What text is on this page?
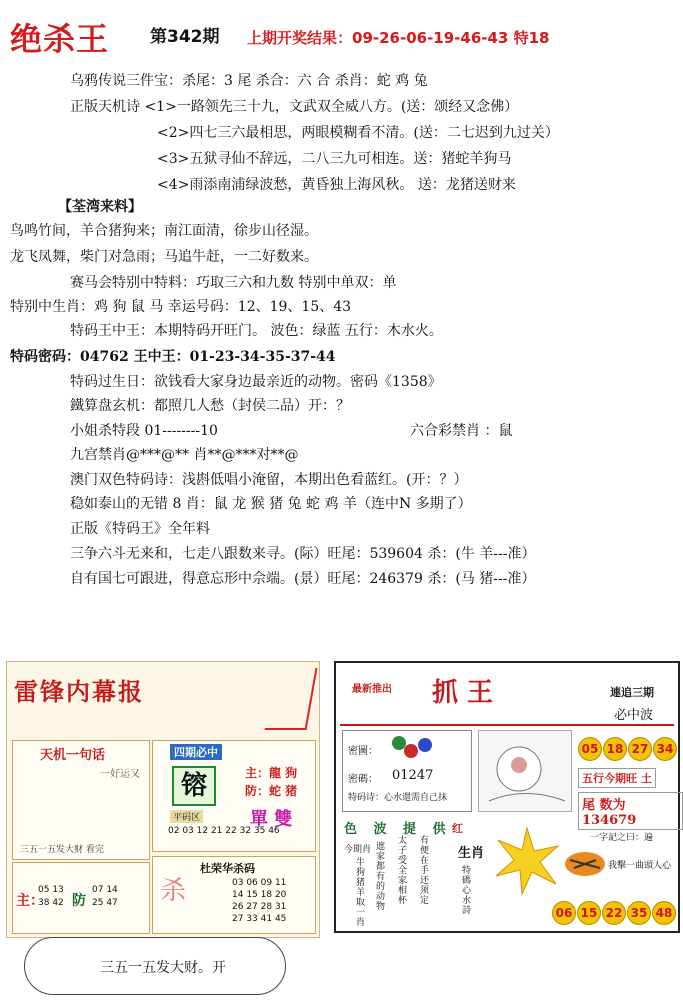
绝杀王 第342期 上期开奖结果：09-26-06-19-46-43 特18
乌鸦传说三件宝：杀尾：3 尾 杀合：六 合 杀肖：蛇 鸡 兔
正版天机诗 <1>一路领先三十九，文武双全威八方。(送：颂经又念佛）
<2>四七三六最相思，两眼模糊看不清。(送：二七迟到九过关）
<3>五狱寻仙不辞远，二八三九可相连。送：猪蛇羊狗马
<4>雨添南浦绿波愁，黄昏独上海风秋。 送：龙猪送财来
【荃湾来料】
鸟鸣竹间，羊合猪狗来；南江面清，徐步山径湿。
龙飞凤舞，柴门对急雨；马追牛赶，一二好数来。
赛马会特别中特料：巧取三六和九数 特别中单双：单
特别中生肖：鸡 狗 鼠 马 幸运号码：12、19、15、43
特码王中王：本期特码开旺门。 波色：绿蓝 五行：木水火。
特码密码：04762 王中王：01-23-34-35-37-44
特码过生日：欲钱看大家身边最亲近的动物。密码《1358》
鐵算盘玄机：都照几人愁（封侯二品）开：？
小姐杀特段 01--------10	六合彩禁肖 ：鼠
九宫禁肖@***@** 肖**@***对**@
澳门双色特码诗：浅斟低唱小淹留，本期出色看蓝红。(开：？）
稳如泰山的无错 8 肖：鼠 龙 猴 猪 兔 蛇 鸡 羊（连中N 多期了）
正版《特码王》全年料
三争六斗无来和，七走八跟数来寻。(际）旺尾：539604 杀：(牛 羊---准）
自有国七可跟进，得意忘形中佘端。(景）旺尾：246379 杀：(马 猪---准）
雷锋内幕报
天机一句话
一好运又
三五一五发大财 看完
四期必中
镕	主：龍 狗
防：蛇 猪
平码区
02 03 12 21 22 32 35 46
單 雙
主：
05 13 38 42 防
07 14 25 47
杜荣华杀码
杀	03 06 09 11
14 15 18 20
26 27 28 31
27 33 41 45
最新推出 抓 王	連追三期
必中波
密圖：
密碼： 01247
特码诗：心水還需自己抹
05 18 27 34
五行今期旺 土
尾 数为 134679
色 波 提 供 红
今期肖
牛狗猪羊取一肖
遮家都有的动物
太子受全家相杯
有便在手还须定
生肖
特碼心水詩
一字記之曰：遍
我擊一曲頭人心
06 15 22 35 48
三五一五发大财。开
